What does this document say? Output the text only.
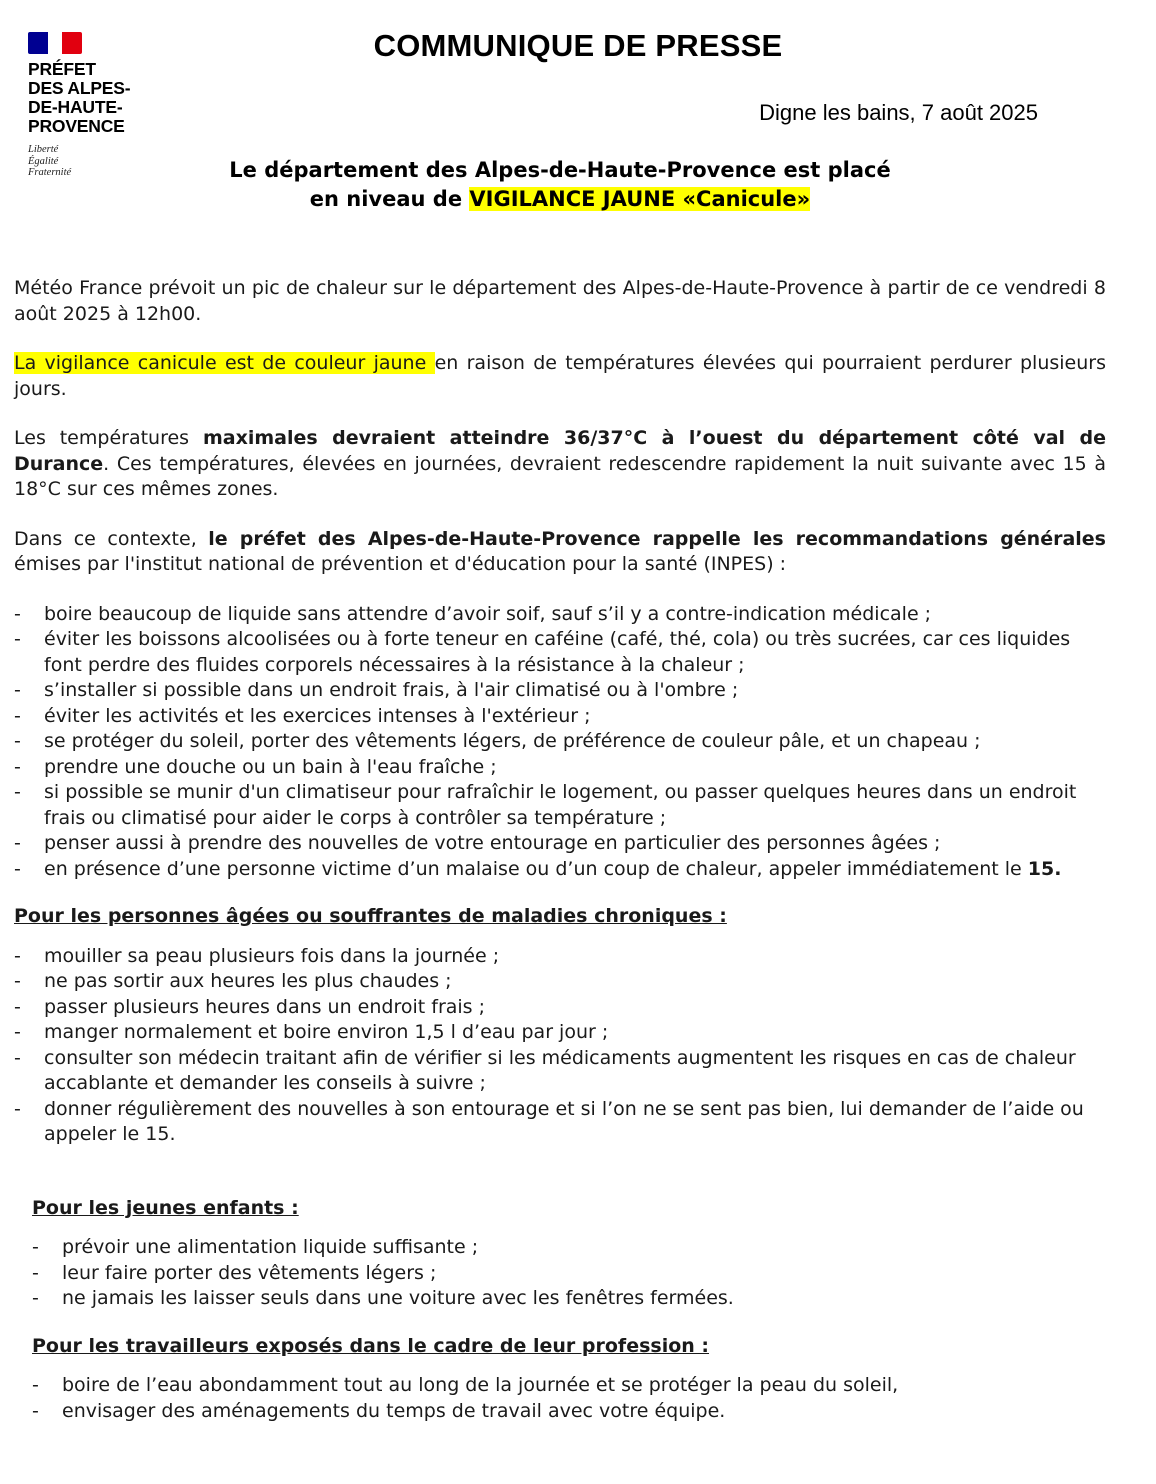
PRÉFET
DES ALPES-
DE-HAUTE-
PROVENCE
Liberté
Égalité
Fraternité
COMMUNIQUE DE PRESSE
Digne les bains, 7 août 2025
Le département des Alpes-de-Haute-Provence est placé
en niveau de VIGILANCE JAUNE «Canicule»

Météo France prévoit un pic de chaleur sur le département des Alpes-de-Haute-Provence à partir de ce vendredi 8 août 2025 à 12h00.

La vigilance canicule est de couleur jaune en raison de températures élevées qui pourraient perdurer plusieurs jours.

Les températures maximales devraient atteindre 36/37°C à l’ouest du département côté val de Durance. Ces températures, élevées en journées, devraient redescendre rapidement la nuit suivante avec 15 à 18°C sur ces mêmes zones.

Dans ce contexte, le préfet des Alpes-de-Haute-Provence rappelle les recommandations générales émises par l'institut national de prévention et d'éducation pour la santé (INPES) :

- boire beaucoup de liquide sans attendre d’avoir soif, sauf s’il y a contre-indication médicale ;
- éviter les boissons alcoolisées ou à forte teneur en caféine (café, thé, cola) ou très sucrées, car ces liquides font perdre des fluides corporels nécessaires à la résistance à la chaleur ;
- s’installer si possible dans un endroit frais, à l'air climatisé ou à l'ombre ;
- éviter les activités et les exercices intenses à l'extérieur ;
- se protéger du soleil, porter des vêtements légers, de préférence de couleur pâle, et un chapeau ;
- prendre une douche ou un bain à l'eau fraîche ;
- si possible se munir d'un climatiseur pour rafraîchir le logement, ou passer quelques heures dans un endroit frais ou climatisé pour aider le corps à contrôler sa température ;
- penser aussi à prendre des nouvelles de votre entourage en particulier des personnes âgées ;
- en présence d’une personne victime d’un malaise ou d’un coup de chaleur, appeler immédiatement le 15.
Pour les personnes âgées ou souffrantes de maladies chroniques :
- mouiller sa peau plusieurs fois dans la journée ;
- ne pas sortir aux heures les plus chaudes ;
- passer plusieurs heures dans un endroit frais ;
- manger normalement et boire environ 1,5 l d’eau par jour ;
- consulter son médecin traitant afin de vérifier si les médicaments augmentent les risques en cas de chaleur accablante et demander les conseils à suivre ;
- donner régulièrement des nouvelles à son entourage et si l’on ne se sent pas bien, lui demander de l’aide ou appeler le 15.
Pour les jeunes enfants :
- prévoir une alimentation liquide suffisante ;
- leur faire porter des vêtements légers ;
- ne jamais les laisser seuls dans une voiture avec les fenêtres fermées.
Pour les travailleurs exposés dans le cadre de leur profession :
- boire de l’eau abondamment tout au long de la journée et se protéger la peau du soleil,
- envisager des aménagements du temps de travail avec votre équipe.
